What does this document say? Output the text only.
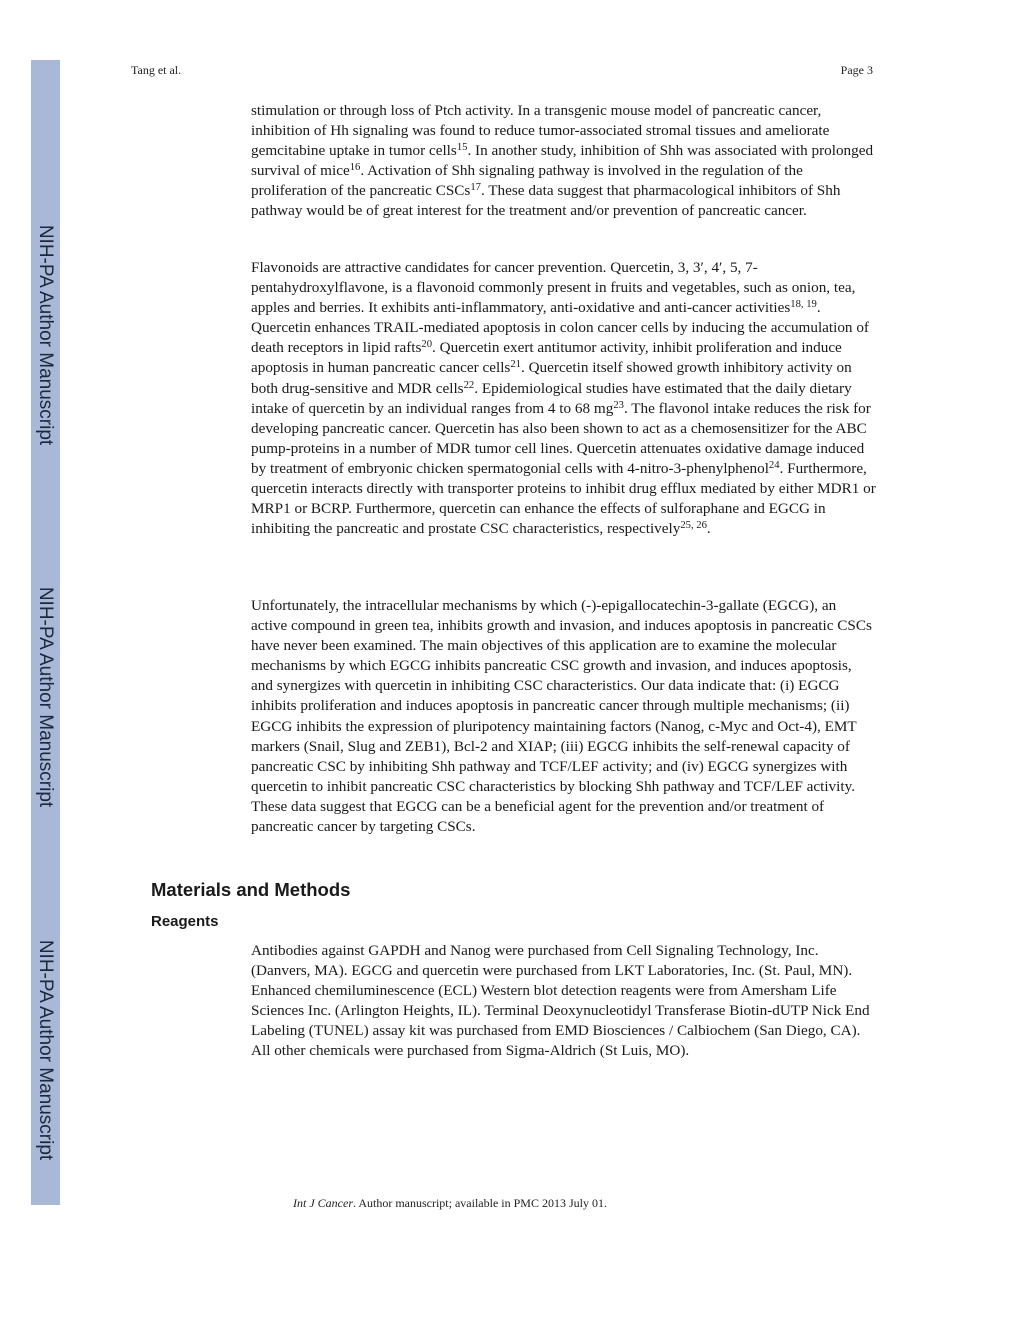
NIH-PA Author Manuscript
NIH-PA Author Manuscript
NIH-PA Author Manuscript
Tang et al.	Page 3

stimulation or through loss of Ptch activity. In a transgenic mouse model of pancreatic cancer, inhibition of Hh signaling was found to reduce tumor-associated stromal tissues and ameliorate gemcitabine uptake in tumor cells$^{15}$. In another study, inhibition of Shh was associated with prolonged survival of mice$^{16}$. Activation of Shh signaling pathway is involved in the regulation of the proliferation of the pancreatic CSCs$^{17}$. These data suggest that pharmacological inhibitors of Shh pathway would be of great interest for the treatment and/or prevention of pancreatic cancer.

Flavonoids are attractive candidates for cancer prevention. Quercetin, 3, 3′, 4′, 5, 7-pentahydroxylflavone, is a flavonoid commonly present in fruits and vegetables, such as onion, tea, apples and berries. It exhibits anti-inflammatory, anti-oxidative and anti-cancer activities$^{18, 19}$. Quercetin enhances TRAIL-mediated apoptosis in colon cancer cells by inducing the accumulation of death receptors in lipid rafts$^{20}$. Quercetin exert antitumor activity, inhibit proliferation and induce apoptosis in human pancreatic cancer cells$^{21}$. Quercetin itself showed growth inhibitory activity on both drug-sensitive and MDR cells$^{22}$. Epidemiological studies have estimated that the daily dietary intake of quercetin by an individual ranges from 4 to 68 $mg^{23}$. The flavonol intake reduces the risk for developing pancreatic cancer. Quercetin has also been shown to act as a chemosensitizer for the ABC pump-proteins in a number of MDR tumor cell lines. Quercetin attenuates oxidative damage induced by treatment of embryonic chicken spermatogonial cells with 4-nitro-3-phenylphenol$^{24}$. Furthermore, quercetin interacts directly with transporter proteins to inhibit drug efflux mediated by either MDR1 or MRP1 or BCRP. Furthermore, quercetin can enhance the effects of sulforaphane and EGCG in inhibiting the pancreatic and prostate CSC characteristics, respectively$^{25, 26}$.

Unfortunately, the intracellular mechanisms by which (-)-epigallocatechin-3-gallate (EGCG), an active compound in green tea, inhibits growth and invasion, and induces apoptosis in pancreatic CSCs have never been examined. The main objectives of this application are to examine the molecular mechanisms by which EGCG inhibits pancreatic CSC growth and invasion, and induces apoptosis, and synergizes with quercetin in inhibiting CSC characteristics. Our data indicate that: (i) EGCG inhibits proliferation and induces apoptosis in pancreatic cancer through multiple mechanisms; (ii) EGCG inhibits the expression of pluripotency maintaining factors (Nanog, c-Myc and Oct-4), EMT markers (Snail, Slug and ZEB1), Bcl-2 and XIAP; (iii) EGCG inhibits the self-renewal capacity of pancreatic CSC by inhibiting Shh pathway and TCF/LEF activity; and (iv) EGCG synergizes with quercetin to inhibit pancreatic CSC characteristics by blocking Shh pathway and TCF/LEF activity. These data suggest that EGCG can be a beneficial agent for the prevention and/or treatment of pancreatic cancer by targeting CSCs.

Materials and Methods
Reagents

Antibodies against GAPDH and Nanog were purchased from Cell Signaling Technology, Inc. (Danvers, MA). EGCG and quercetin were purchased from LKT Laboratories, Inc. (St. Paul, MN). Enhanced chemiluminescence (ECL) Western blot detection reagents were from Amersham Life Sciences Inc. (Arlington Heights, IL). Terminal Deoxynucleotidyl Transferase Biotin-dUTP Nick End Labeling (TUNEL) assay kit was purchased from EMD Biosciences / Calbiochem (San Diego, CA). All other chemicals were purchased from Sigma-Aldrich (St Luis, MO).

Int J Cancer. Author manuscript; available in PMC 2013 July 01.
